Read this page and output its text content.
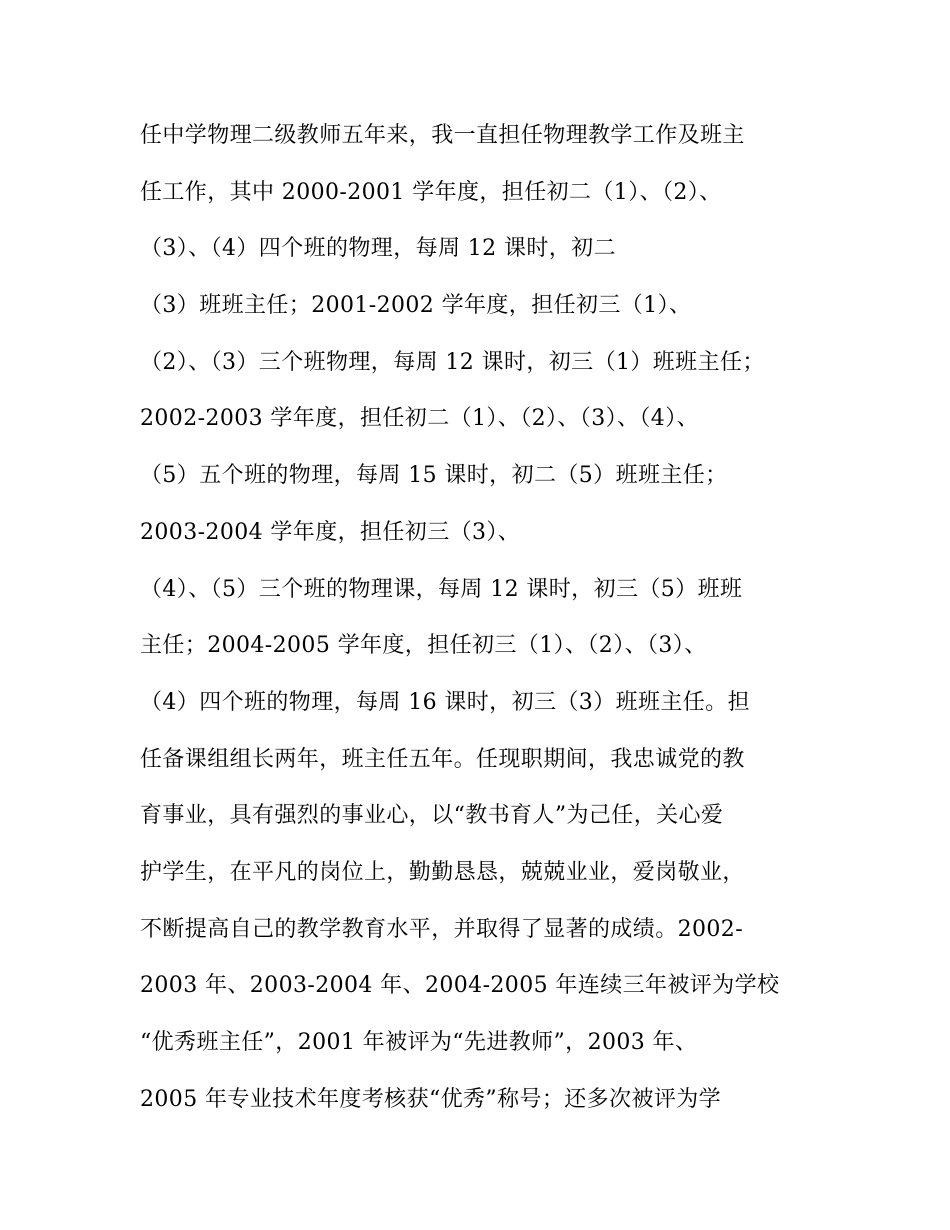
任中学物理二级教师五年来，我一直担任物理教学工作及班主
任工作，其中 2000-2001 学年度，担任初二（1）、（2）、
（3）、（4）四个班的物理，每周 12 课时，初二
（3）班班主任；2001-2002 学年度，担任初三（1）、
（2）、（3）三个班物理，每周 12 课时，初三（1）班班主任；
2002-2003 学年度，担任初二（1）、（2）、（3）、（4）、
（5）五个班的物理，每周 15 课时，初二（5）班班主任；
2003-2004 学年度，担任初三（3）、
（4）、（5）三个班的物理课，每周 12 课时，初三（5）班班
主任；2004-2005 学年度，担任初三（1）、（2）、（3）、
（4）四个班的物理，每周 16 课时，初三（3）班班主任。担
任备课组组长两年，班主任五年。任现职期间，我忠诚党的教
育事业，具有强烈的事业心，以“教书育人”为己任，关心爱
护学生，在平凡的岗位上，勤勤恳恳，兢兢业业，爱岗敬业，
不断提高自己的教学教育水平，并取得了显著的成绩。2002-
2003 年、2003-2004 年、2004-2005 年连续三年被评为学校
“优秀班主任”，2001 年被评为“先进教师”，2003 年、
2005 年专业技术年度考核获“优秀”称号；还多次被评为学
